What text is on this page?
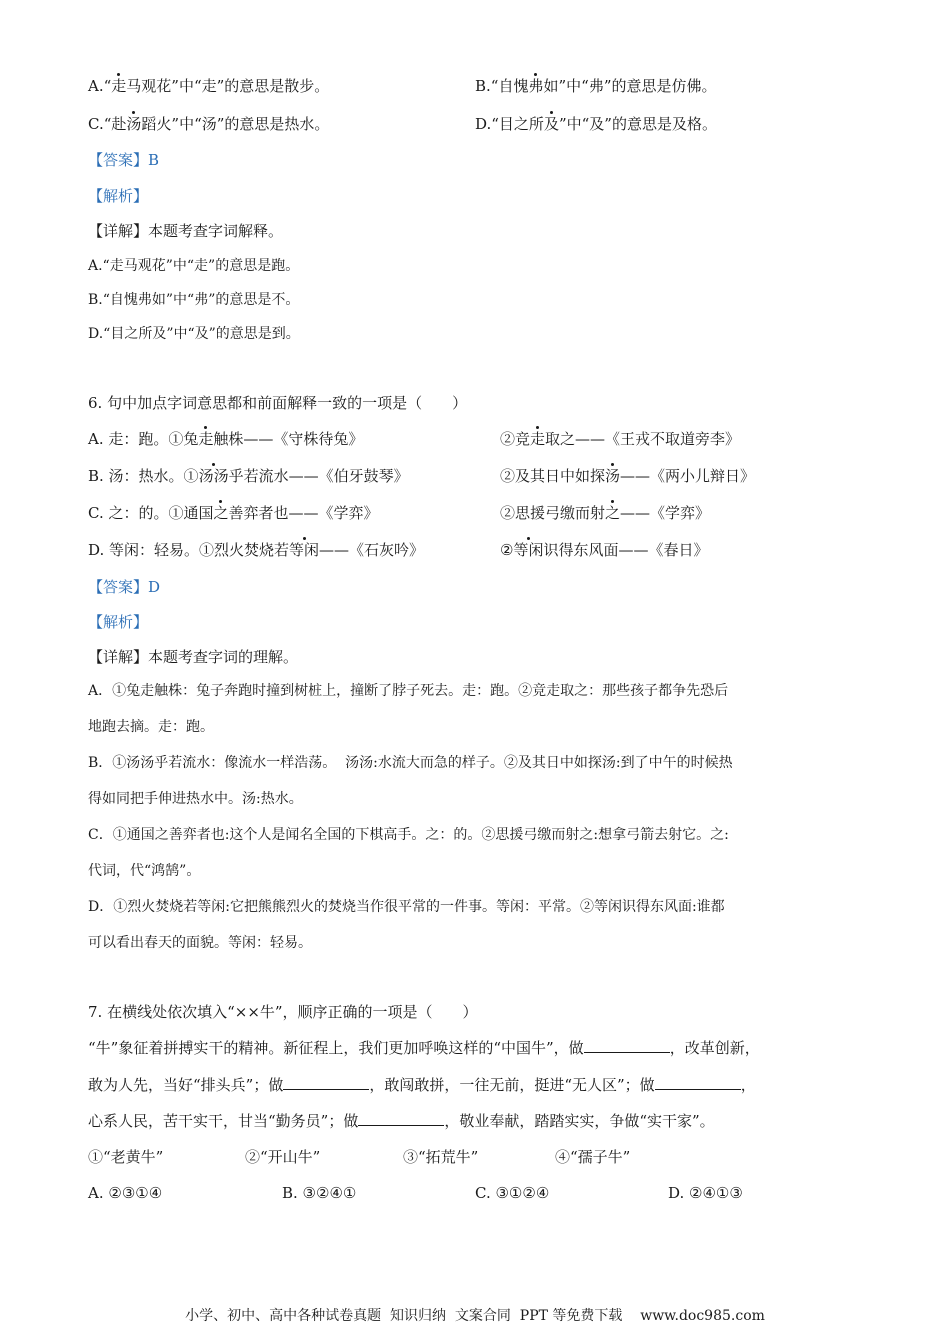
A.“走马观花”中“走”的意思是散步。	B.“自愧弗如”中“弗”的意思是仿佛。
C.“赴汤蹈火”中“汤”的意思是热水。	D.“目之所及”中“及”的意思是及格。
【答案】B
【解析】
【详解】本题考查字词解释。
A.“走马观花”中“走”的意思是跑。
B.“自愧弗如”中“弗”的意思是不。
D.“目之所及”中“及”的意思是到。
6. 句中加点字词意思都和前面解释一致的一项是（　　）
A. 走：跑。①兔走触株——《守株待兔》	②竞走取之——《王戎不取道旁李》
B. 汤：热水。①汤汤乎若流水——《伯牙鼓琴》	②及其日中如探汤——《两小儿辩日》
C. 之：的。①通国之善弈者也——《学弈》	②思援弓缴而射之——《学弈》
D. 等闲：轻易。①烈火焚烧若等闲——《石灰吟》	②等闲识得东风面——《春日》
【答案】D
【解析】
【详解】本题考查字词的理解。
A．①兔走触株：兔子奔跑时撞到树桩上，撞断了脖子死去。走：跑。②竞走取之：那些孩子都争先恐后
地跑去摘。走：跑。
B．①汤汤乎若流水：像流水一样浩荡。  汤汤:水流大而急的样子。②及其日中如探汤:到了中午的时候热
得如同把手伸进热水中。汤:热水。
C．①通国之善弈者也:这个人是闻名全国的下棋高手。之：的。②思援弓缴而射之:想拿弓箭去射它。之:
代词，代“鸿鹄”。
D．①烈火焚烧若等闲:它把熊熊烈火的焚烧当作很平常的一件事。等闲：平常。②等闲识得东风面:谁都
可以看出春天的面貌。等闲：轻易。
7. 在横线处依次填入“××牛”，顺序正确的一项是（　　）
“牛”象征着拼搏实干的精神。新征程上，我们更加呼唤这样的“中国牛”，做	，改革创新，
敢为人先，当好“排头兵”；做	，敢闯敢拼，一往无前，挺进“无人区”；做	，
心系人民，苦干实干，甘当“勤务员”；做	，敬业奉献，踏踏实实，争做“实干家”。
①“老黄牛”	②“开山牛”	③“拓荒牛”	④“孺子牛”
A. ②③①④	B. ③②④①	C. ③①②④	D. ②④①③
小学、初中、高中各种试卷真题  知识归纳  文案合同  PPT 等免费下载    www.doc985.com
